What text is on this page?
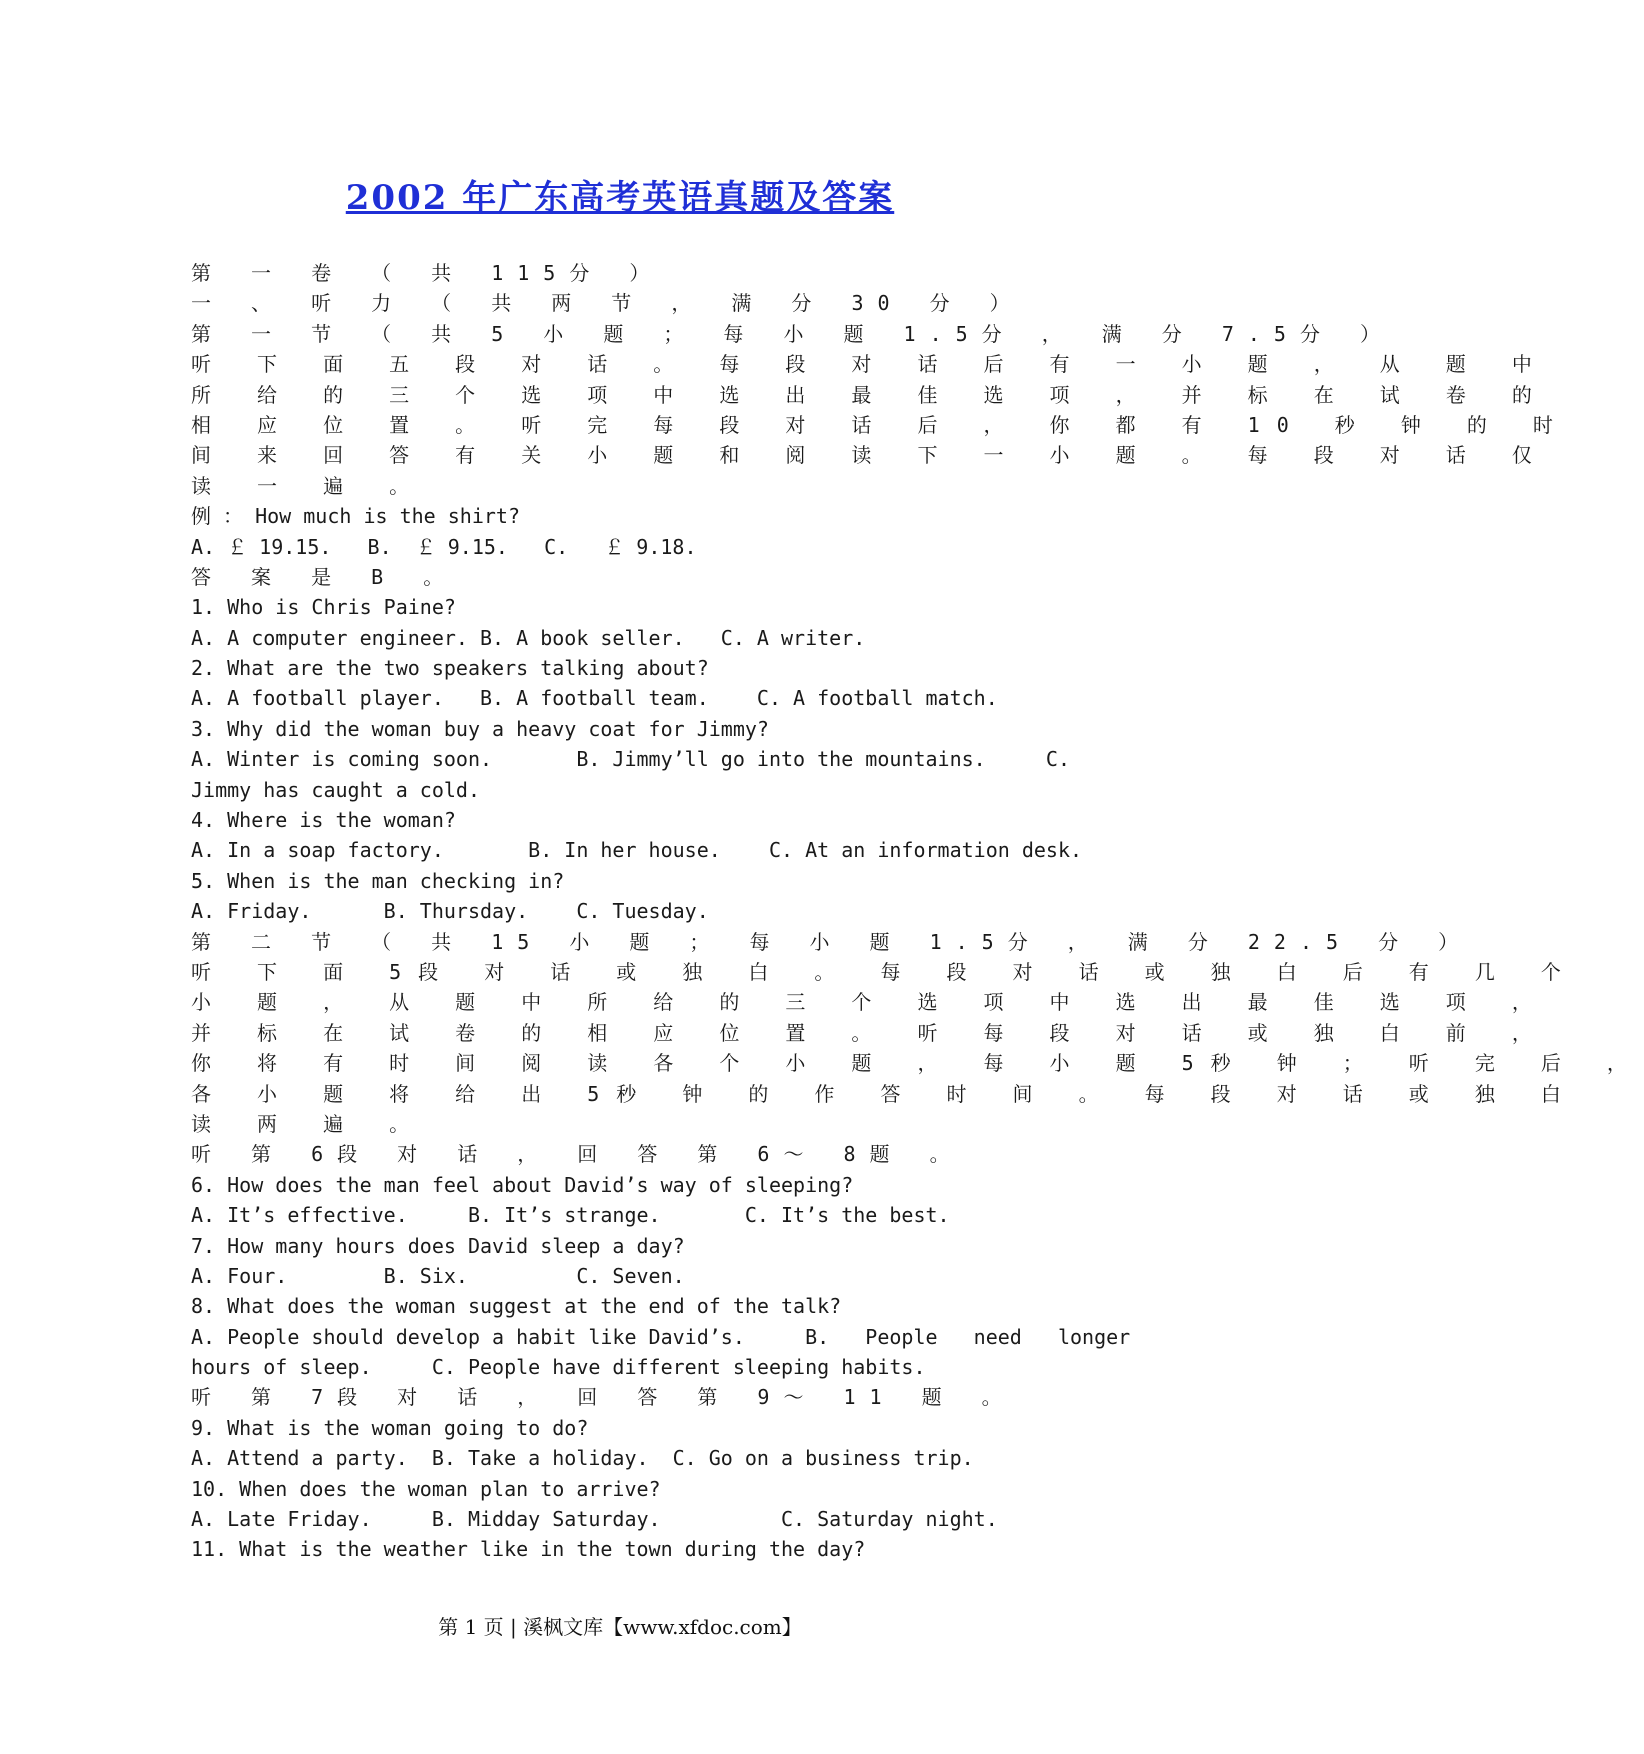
2002 年广东高考英语真题及答案
第 一 卷 （ 共 115分 ）
一 、 听 力 （ 共 两 节 ， 满 分 30 分 ）
第 一 节 （ 共 5 小 题 ； 每 小 题 1.5分 ， 满 分 7.5分 ）
听 下 面 五 段 对 话 。 每 段 对 话 后 有 一 小 题 ， 从 题 中
所 给 的 三 个 选 项 中 选 出 最 佳 选 项 ， 并 标 在 试 卷 的
相 应 位 置 。 听 完 每 段 对 话 后 ， 你 都 有 10 秒 钟 的 时
间 来 回 答 有 关 小 题 和 阅 读 下 一 小 题 。 每 段 对 话 仅
读 一 遍 。
例 ： How much is the shirt?
A. ￡ 19.15.   B.  ￡ 9.15.   C.   ￡ 9.18.
答 案 是 B 。
1. Who is Chris Paine?
A. A computer engineer. B. A book seller.   C. A writer.
2. What are the two speakers talking about?
A. A football player.   B. A football team.    C. A football match.
3. Why did the woman buy a heavy coat for Jimmy?
A. Winter is coming soon.       B. Jimmy’ll go into the mountains.     C.
Jimmy has caught a cold.
4. Where is the woman?
A. In a soap factory.       B. In her house.    C. At an information desk.
5. When is the man checking in?
A. Friday.      B. Thursday.    C. Tuesday.
第 二 节 （ 共 15 小 题 ； 每 小 题 1.5分 ， 满 分 22.5 分 ）
听 下 面 5段 对 话 或 独 白 。 每 段 对 话 或 独 白 后 有 几 个
小 题 ， 从 题 中 所 给 的 三 个 选 项 中 选 出 最 佳 选 项 ，
并 标 在 试 卷 的 相 应 位 置 。 听 每 段 对 话 或 独 白 前 ，
你 将 有 时 间 阅 读 各 个 小 题 ， 每 小 题 5秒 钟 ； 听 完 后 ，
各 小 题 将 给 出 5秒 钟 的 作 答 时 间 。 每 段 对 话 或 独 白
读 两 遍 。
听 第 6段 对 话 ， 回 答 第 6～ 8题 。
6. How does the man feel about David’s way of sleeping?
A. It’s effective.     B. It’s strange.       C. It’s the best.
7. How many hours does David sleep a day?
A. Four.        B. Six.         C. Seven.
8. What does the woman suggest at the end of the talk?
A. People should develop a habit like David’s.     B.   People   need   longer
hours of sleep.     C. People have different sleeping habits.
听 第 7段 对 话 ， 回 答 第 9～ 11 题 。
9. What is the woman going to do?
A. Attend a party.  B. Take a holiday.  C. Go on a business trip.
10. When does the woman plan to arrive?
A. Late Friday.     B. Midday Saturday.          C. Saturday night.
11. What is the weather like in the town during the day?
第 1 页 | 溪枫文库【www.xfdoc.com】
